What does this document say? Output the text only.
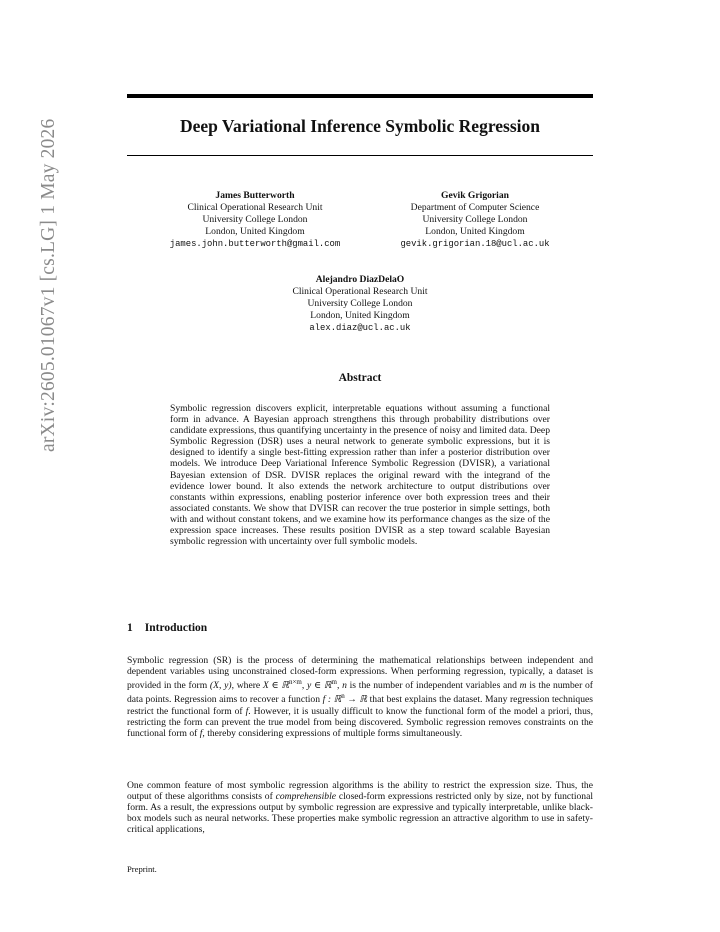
arXiv:2605.01067v1 [cs.LG] 1 May 2026	Deep Variational Inference Symbolic Regression
James Butterworth
Clinical Operational Research Unit
University College London
London, United Kingdom
james.john.butterworth@gmail.com
Gevik Grigorian
Department of Computer Science
University College London
London, United Kingdom
gevik.grigorian.18@ucl.ac.uk
Alejandro DiazDelaO
Clinical Operational Research Unit
University College London
London, United Kingdom
alex.diaz@ucl.ac.uk
Abstract
Symbolic regression discovers explicit, interpretable equations without assuming a functional form in advance. A Bayesian approach strengthens this through probability distributions over candidate expressions, thus quantifying uncertainty in the presence of noisy and limited data. Deep Symbolic Regression (DSR) uses a neural network to generate symbolic expressions, but it is designed to identify a single best-fitting expression rather than infer a posterior distribution over models. We introduce Deep Variational Inference Symbolic Regression (DVISR), a variational Bayesian extension of DSR. DVISR replaces the original reward with the integrand of the evidence lower bound. It also extends the network architecture to output distributions over constants within expressions, enabling posterior inference over both expression trees and their associated constants. We show that DVISR can recover the true posterior in simple settings, both with and without constant tokens, and we examine how its performance changes as the size of the expression space increases. These results position DVISR as a step toward scalable Bayesian symbolic regression with uncertainty over full symbolic models.
1 Introduction

Symbolic regression (SR) is the process of determining the mathematical relationships between independent and dependent variables using unconstrained closed-form expressions. When performing regression, typically, a dataset is provided in the form (X, y), where X ∈ ℝ$^{n\times m}$, y ∈ ℝ$^m$, n is the number of independent variables and m is the number of data points. Regression aims to recover a function f : ℝ$^n$ → ℝ that best explains the dataset. Many regression techniques restrict the functional form of f. However, it is usually difficult to know the functional form of the model a priori, thus, restricting the form can prevent the true model from being discovered. Symbolic regression removes constraints on the functional form of f, thereby considering expressions of multiple forms simultaneously.

One common feature of most symbolic regression algorithms is the ability to restrict the expression size. Thus, the output of these algorithms consists of comprehensible closed-form expressions restricted only by size, not by functional form. As a result, the expressions output by symbolic regression are expressive and typically interpretable, unlike black-box models such as neural networks. These properties make symbolic regression an attractive algorithm to use in safety-critical applications,

Preprint.
